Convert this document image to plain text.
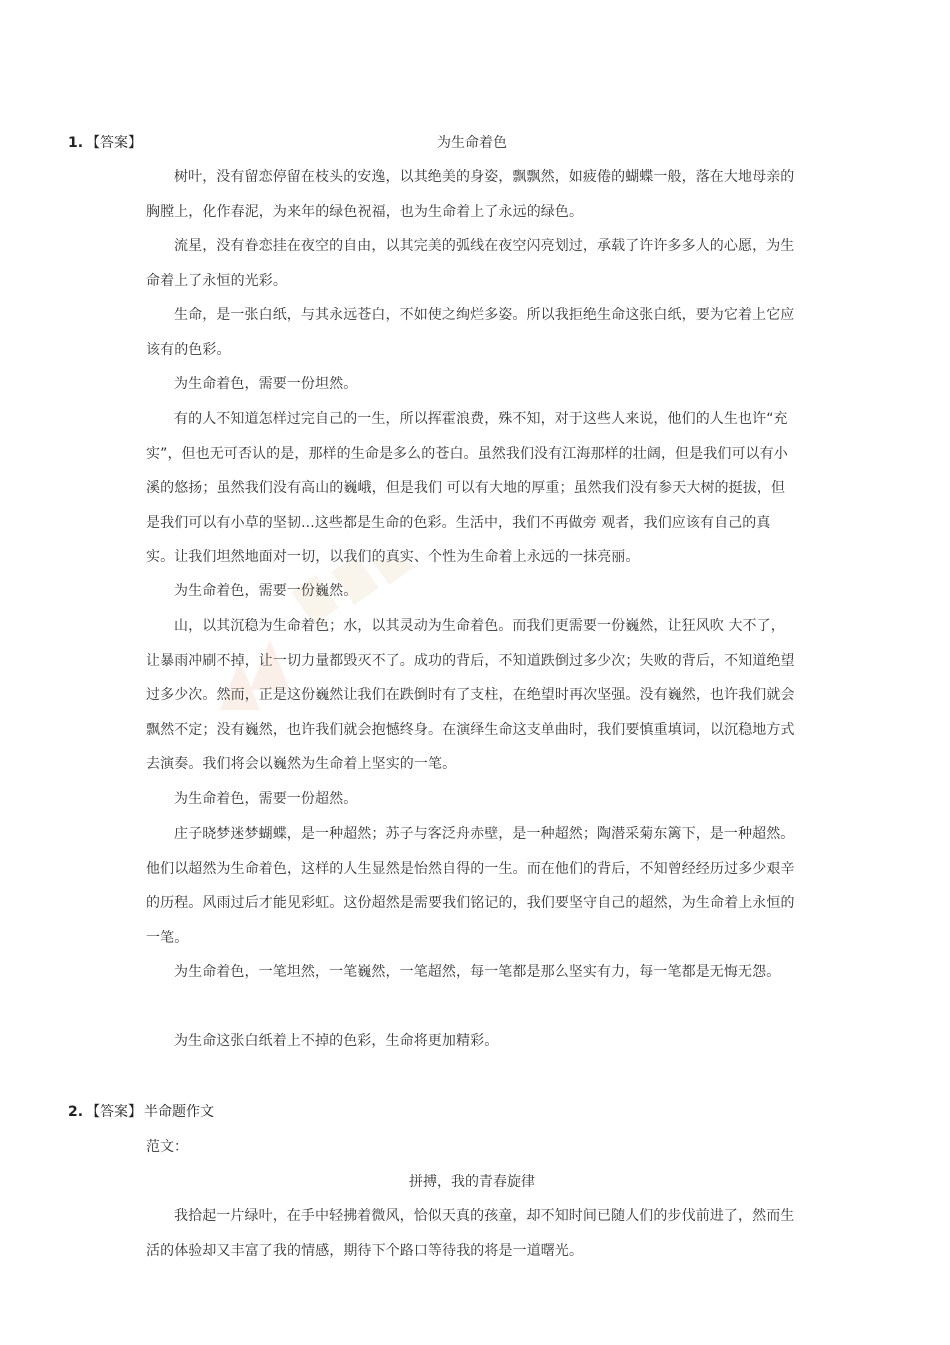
1. 【答案】	为生命着色

树叶，没有留恋停留在枝头的安逸，以其绝美的身姿，飘飘然，如疲倦的蝴蝶一般，落在大地母亲的胸膛上，化作春泥，为来年的绿色祝福，也为生命着上了永远的绿色。

流星，没有眷恋挂在夜空的自由，以其完美的弧线在夜空闪亮划过，承载了许许多多人的心愿，为生命着上了永恒的光彩。

生命，是一张白纸，与其永远苍白，不如使之绚烂多姿。所以我拒绝生命这张白纸，要为它着上它应该有的色彩。

为生命着色，需要一份坦然。

有的人不知道怎样过完自己的一生，所以挥霍浪费，殊不知，对于这些人来说，他们的人生也许“充实”，但也无可否认的是，那样的生命是多么的苍白。虽然我们没有江海那样的壮阔，但是我们可以有小溪的悠扬；虽然我们没有高山的巍峨，但是我们 可以有大地的厚重；虽然我们没有参天大树的挺拔，但是我们可以有小草的坚韧...这些都是生命的色彩。生活中，我们不再做旁 观者，我们应该有自己的真实。让我们坦然地面对一切，以我们的真实、个性为生命着上永远的一抹亮丽。

为生命着色，需要一份巍然。

山，以其沉稳为生命着色；水，以其灵动为生命着色。而我们更需要一份巍然，让狂风吹 大不了，让暴雨冲刷不掉，让一切力量都毁灭不了。成功的背后，不知道跌倒过多少次；失败的背后，不知道绝望过多少次。然而，正是这份巍然让我们在跌倒时有了支柱，在绝望时再次坚强。没有巍然，也许我们就会飘然不定；没有巍然，也许我们就会抱憾终身。在演绎生命这支单曲时，我们要慎重填词，以沉稳地方式去演奏。我们将会以巍然为生命着上坚实的一笔。

为生命着色，需要一份超然。

庄子晓梦迷梦蝴蝶，是一种超然；苏子与客泛舟赤壁，是一种超然；陶潜采菊东篱下，是一种超然。他们以超然为生命着色，这样的人生显然是怡然自得的一生。而在他们的背后，不知曾经经历过多少艰辛的历程。风雨过后才能见彩虹。这份超然是需要我们铭记的，我们要坚守自己的超然，为生命着上永恒的一笔。

为生命着色，一笔坦然，一笔巍然，一笔超然，每一笔都是那么坚实有力，每一笔都是无悔无怨。

为生命这张白纸着上不掉的色彩，生命将更加精彩。

2. 【答案】 半命题作文
范文：
拼搏，我的青春旋律

我拾起一片绿叶，在手中轻拂着微风，恰似天真的孩童，却不知时间已随人们的步伐前进了，然而生活的体验却又丰富了我的情感，期待下个路口等待我的将是一道曙光。
